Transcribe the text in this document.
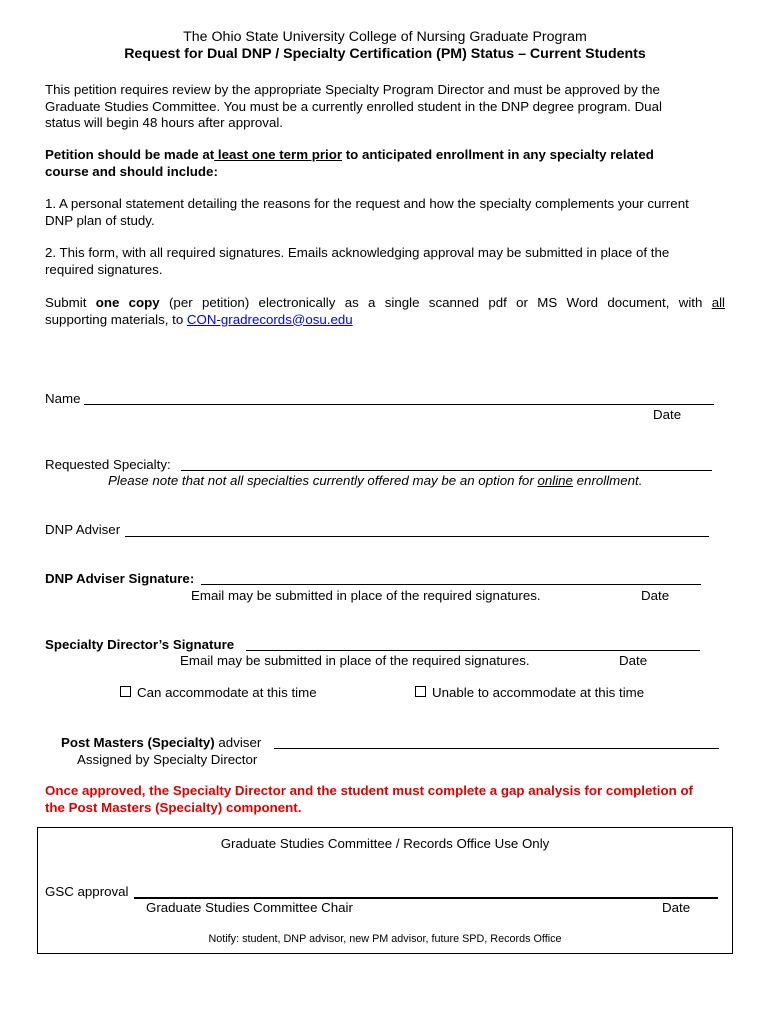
The Ohio State University College of Nursing Graduate Program
Request for Dual DNP / Specialty Certification (PM) Status – Current Students
This petition requires review by the appropriate Specialty Program Director and must be approved by the
Graduate Studies Committee. You must be a currently enrolled student in the DNP degree program. Dual
status will begin 48 hours after approval.
Petition should be made at least one term prior to anticipated enrollment in any specialty related
course and should include:
1. A personal statement detailing the reasons for the request and how the specialty complements your current
DNP plan of study.
2. This form, with all required signatures. Emails acknowledging approval may be submitted in place of the
required signatures.
Submit one copy (per petition) electronically as a single scanned pdf or MS Word document, with all
supporting materials, to CON-gradrecords@osu.edu
Name
Date
Requested Specialty:
Please note that not all specialties currently offered may be an option for online enrollment.
DNP Adviser
DNP Adviser Signature:
Email may be submitted in place of the required signatures.	Date
Specialty Director’s Signature
Email may be submitted in place of the required signatures.	Date
Can accommodate at this time	Unable to accommodate at this time
Post Masters (Specialty) adviser
Assigned by Specialty Director
Once approved, the Specialty Director and the student must complete a gap analysis for completion of
the Post Masters (Specialty) component.
Graduate Studies Committee / Records Office Use Only
GSC approval
Graduate Studies Committee Chair	Date
Notify: student, DNP advisor, new PM advisor, future SPD, Records Office
